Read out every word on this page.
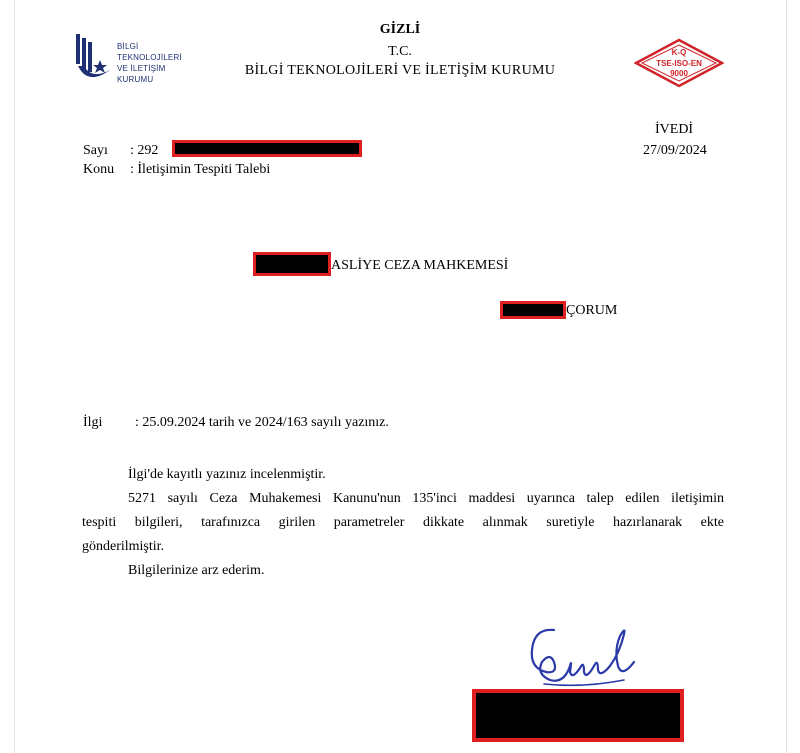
BİLGİ
TEKNOLOJİLERİ
VE İLETİŞİM
KURUMU
GİZLİ
T.C.
BİLGİ TEKNOLOJİLERİ VE İLETİŞİM KURUMU
K-Q
TSE-ISO-EN
9000
İVEDİ
27/09/2024
Sayı : 292
Konu : İletişimin Tespiti Talebi
ASLİYE CEZA MAHKEMESİ
ÇORUM
İlgi : 25.09.2024 tarih ve 2024/163 sayılı yazınız.
İlgi'de kayıtlı yazınız incelenmiştir.
5271 sayılı Ceza Muhakemesi Kanunu'nun 135'inci maddesi uyarınca talep edilen iletişimin
tespiti bilgileri, tarafınızca girilen parametreler dikkate alınmak suretiyle hazırlanarak ekte
gönderilmiştir.
Bilgilerinize arz ederim.
